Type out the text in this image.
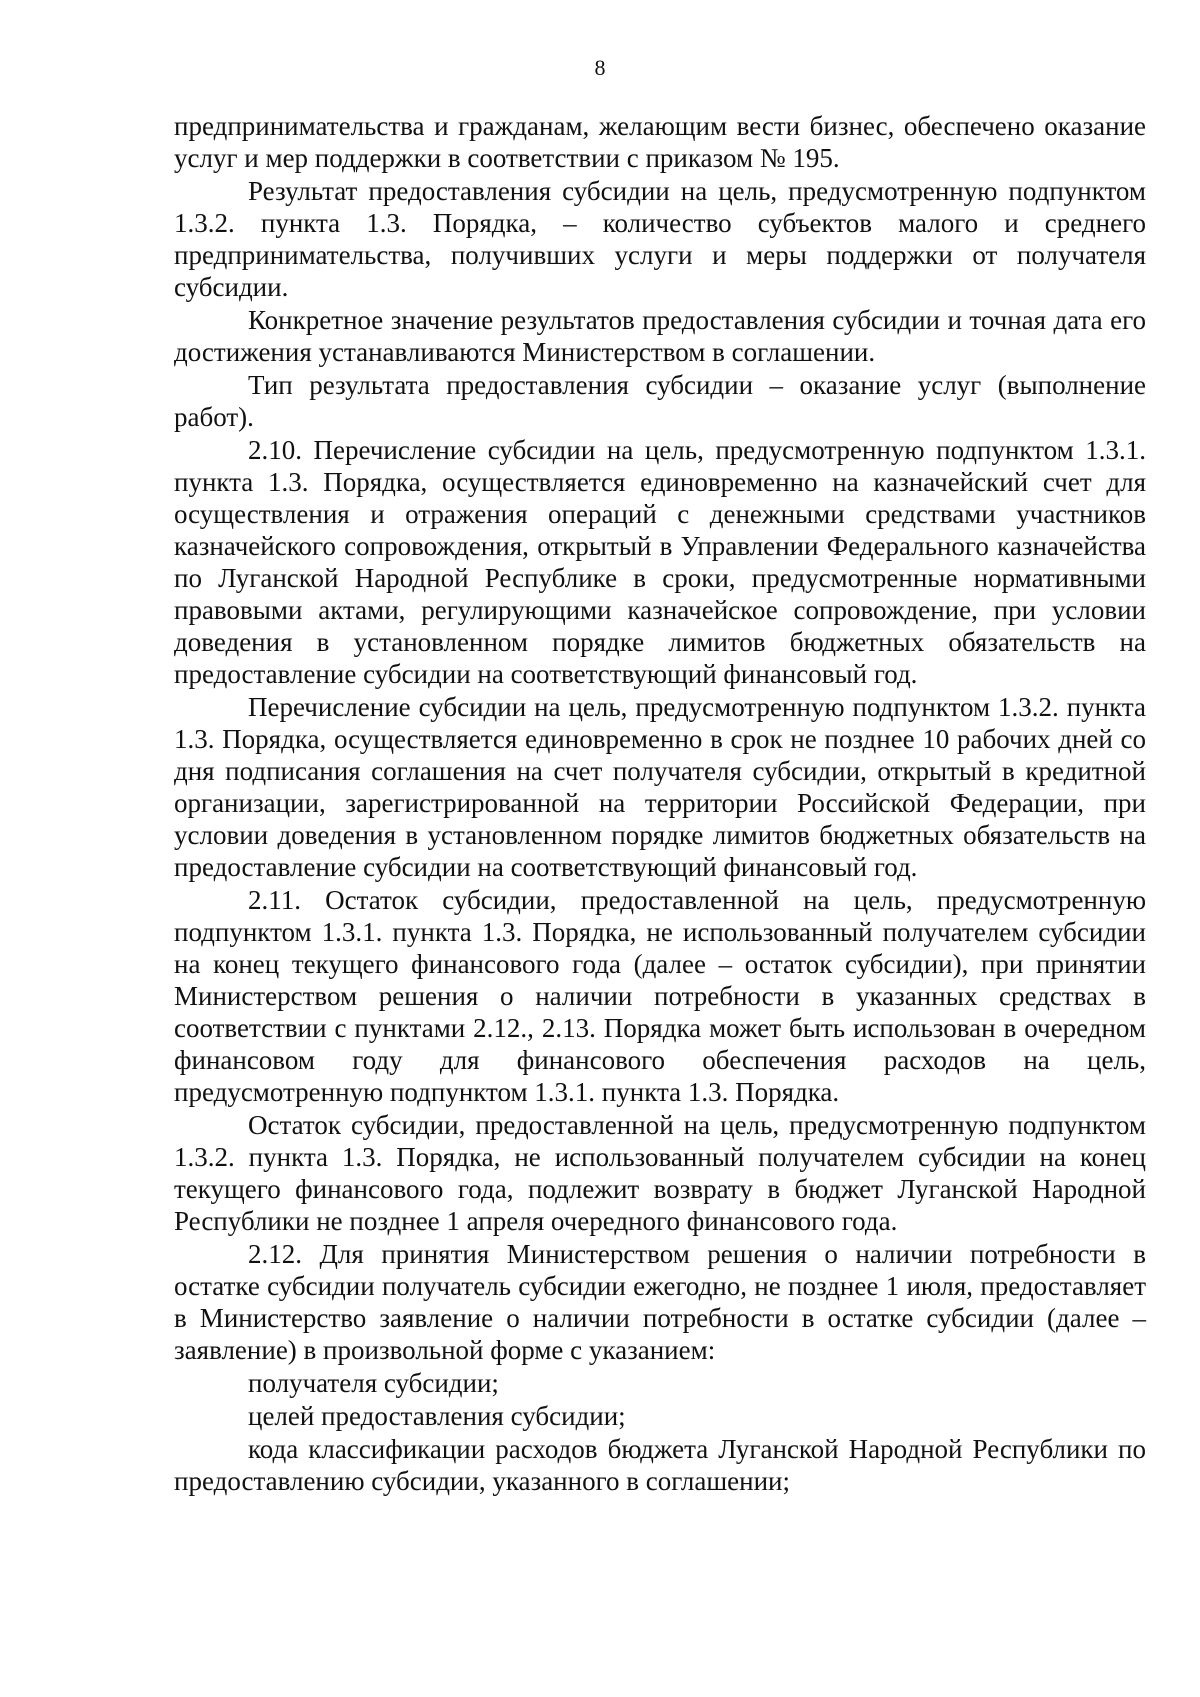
8

предпринимательства и гражданам, желающим вести бизнес, обеспечено оказание услуг и мер поддержки в соответствии с приказом № 195.

Результат предоставления субсидии на цель, предусмотренную подпунктом 1.3.2. пункта 1.3. Порядка, – количество субъектов малого и среднего предпринимательства, получивших услуги и меры поддержки от получателя субсидии.

Конкретное значение результатов предоставления субсидии и точная дата его достижения устанавливаются Министерством в соглашении.

Тип результата предоставления субсидии – оказание услуг (выполнение работ).

2.10. Перечисление субсидии на цель, предусмотренную подпунктом 1.3.1. пункта 1.3. Порядка, осуществляется единовременно на казначейский счет для осуществления и отражения операций с денежными средствами участников казначейского сопровождения, открытый в Управлении Федерального казначейства по Луганской Народной Республике в сроки, предусмотренные нормативными правовыми актами, регулирующими казначейское сопровождение, при условии доведения в установленном порядке лимитов бюджетных обязательств на предоставление субсидии на соответствующий финансовый год.

Перечисление субсидии на цель, предусмотренную подпунктом 1.3.2. пункта 1.3. Порядка, осуществляется единовременно в срок не позднее 10 рабочих дней со дня подписания соглашения на счет получателя субсидии, открытый в кредитной организации, зарегистрированной на территории Российской Федерации, при условии доведения в установленном порядке лимитов бюджетных обязательств на предоставление субсидии на соответствующий финансовый год.

2.11. Остаток субсидии, предоставленной на цель, предусмотренную подпунктом 1.3.1. пункта 1.3. Порядка, не использованный получателем субсидии на конец текущего финансового года (далее – остаток субсидии), при принятии Министерством решения о наличии потребности в указанных средствах в соответствии с пунктами 2.12., 2.13. Порядка может быть использован в очередном финансовом году для финансового обеспечения расходов на цель, предусмотренную подпунктом 1.3.1. пункта 1.3. Порядка.

Остаток субсидии, предоставленной на цель, предусмотренную подпунктом 1.3.2. пункта 1.3. Порядка, не использованный получателем субсидии на конец текущего финансового года, подлежит возврату в бюджет Луганской Народной Республики не позднее 1 апреля очередного финансового года.

2.12. Для принятия Министерством решения о наличии потребности в остатке субсидии получатель субсидии ежегодно, не позднее 1 июля, предоставляет в Министерство заявление о наличии потребности в остатке субсидии (далее – заявление) в произвольной форме с указанием:

получателя субсидии;

целей предоставления субсидии;

кода классификации расходов бюджета Луганской Народной Республики по предоставлению субсидии, указанного в соглашении;
